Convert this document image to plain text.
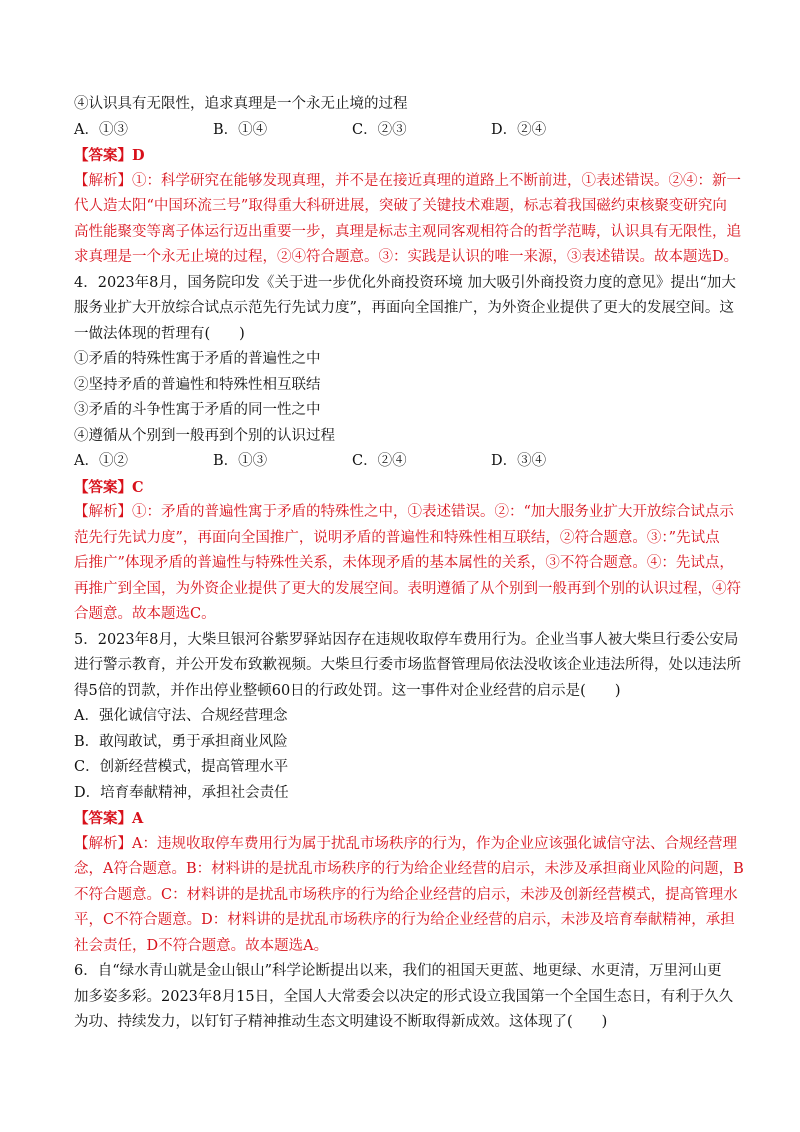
④认识具有无限性，追求真理是一个永无止境的过程
A．①③	B．①④	C．②③	D．②④
【答案】D
【解析】①：科学研究在能够发现真理，并不是在接近真理的道路上不断前进，①表述错误。②④：新一
代人造太阳“中国环流三号”取得重大科研进展，突破了关键技术难题，标志着我国磁约束核聚变研究向
高性能聚变等离子体运行迈出重要一步，真理是标志主观同客观相符合的哲学范畴，认识具有无限性，追
求真理是一个永无止境的过程，②④符合题意。③：实践是认识的唯一来源，③表述错误。故本题选D。
4．2023年8月，国务院印发《关于进一步优化外商投资环境 加大吸引外商投资力度的意见》提出“加大
服务业扩大开放综合试点示范先行先试力度”，再面向全国推广，为外资企业提供了更大的发展空间。这
一做法体现的哲理有(　　)
①矛盾的特殊性寓于矛盾的普遍性之中
②坚持矛盾的普遍性和特殊性相互联结
③矛盾的斗争性寓于矛盾的同一性之中
④遵循从个别到一般再到个别的认识过程
A．①②	B．①③	C．②④	D．③④
【答案】C
【解析】①：矛盾的普遍性寓于矛盾的特殊性之中，①表述错误。②：“加大服务业扩大开放综合试点示
范先行先试力度”，再面向全国推广，说明矛盾的普遍性和特殊性相互联结，②符合题意。③：”先试点
后推广”体现矛盾的普遍性与特殊性关系，未体现矛盾的基本属性的关系，③不符合题意。④：先试点，
再推广到全国，为外资企业提供了更大的发展空间。表明遵循了从个别到一般再到个别的认识过程，④符
合题意。故本题选C。
5．2023年8月，大柴旦银河谷紫罗驿站因存在违规收取停车费用行为。企业当事人被大柴旦行委公安局
进行警示教育，并公开发布致歉视频。大柴旦行委市场监督管理局依法没收该企业违法所得，处以违法所
得5倍的罚款，并作出停业整顿60日的行政处罚。这一事件对企业经营的启示是(　　)
A．强化诚信守法、合规经营理念
B．敢闯敢试，勇于承担商业风险
C．创新经营模式，提高管理水平
D．培育奉献精神，承担社会责任
【答案】A
【解析】A：违规收取停车费用行为属于扰乱市场秩序的行为，作为企业应该强化诚信守法、合规经营理
念，A符合题意。B：材料讲的是扰乱市场秩序的行为给企业经营的启示，未涉及承担商业风险的问题，B
不符合题意。C：材料讲的是扰乱市场秩序的行为给企业经营的启示，未涉及创新经营模式，提高管理水
平，C不符合题意。D：材料讲的是扰乱市场秩序的行为给企业经营的启示，未涉及培育奉献精神，承担
社会责任，D不符合题意。故本题选A。
6．自“绿水青山就是金山银山”科学论断提出以来，我们的祖国天更蓝、地更绿、水更清，万里河山更
加多姿多彩。2023年8月15日，全国人大常委会以决定的形式设立我国第一个全国生态日，有利于久久
为功、持续发力，以钉钉子精神推动生态文明建设不断取得新成效。这体现了(　　)
